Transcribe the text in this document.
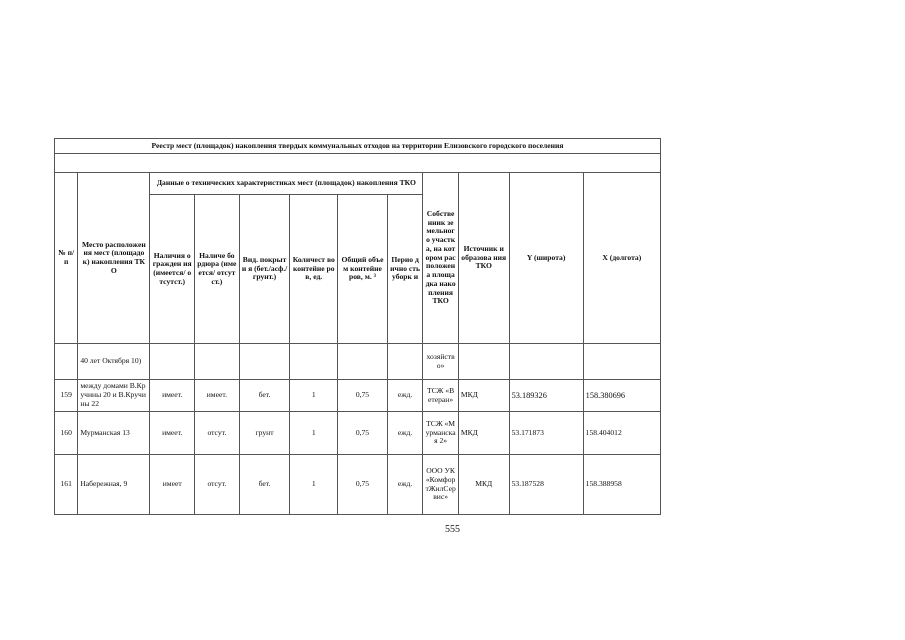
Реестр мест (площадок) накопления твердых коммунальных отходов на территории Елизовского городского поселения											

№ п/п	Место расположения мест (площадок) накопления ТКО	Данные о технических характеристиках мест (площадок) накопления ТКО						Собственник земельного участка, на котором расположена площадка накопления ТКО	Источник и образова ния ТКО	Y (широта)	X (долгота)
		Наличия огражден ия (имеется/ отсутст.)	Наличе бордюра (имеется/ отсутст.)	Вид. покрыти я (бет./асф./ грунт.)	Количест во контейне ров, ед.	Общий объем контейне ров, м. ³	Перио дично сть уборк и				
	40 лет Октября 10)							хозяйство»			
159	между домами В.Кручины 20 и В.Кручины 22	имеет.	имеет.	бет.	1	0,75	ежд.	ТСЖ «Ветеран»	МКД	53.189326	158.380696
160	Мурманская 13	имеет.	отсут.	грунт	1	0,75	ежд.	ТСЖ «Мурманская 2»	МКД	53.171873	158.404012
161	Набережная, 9	имеет	отсут.	бет.	1	0,75	ежд.	ООО УК «КомфортЖилСервис»	МКД	53.187528	158.388958
555
